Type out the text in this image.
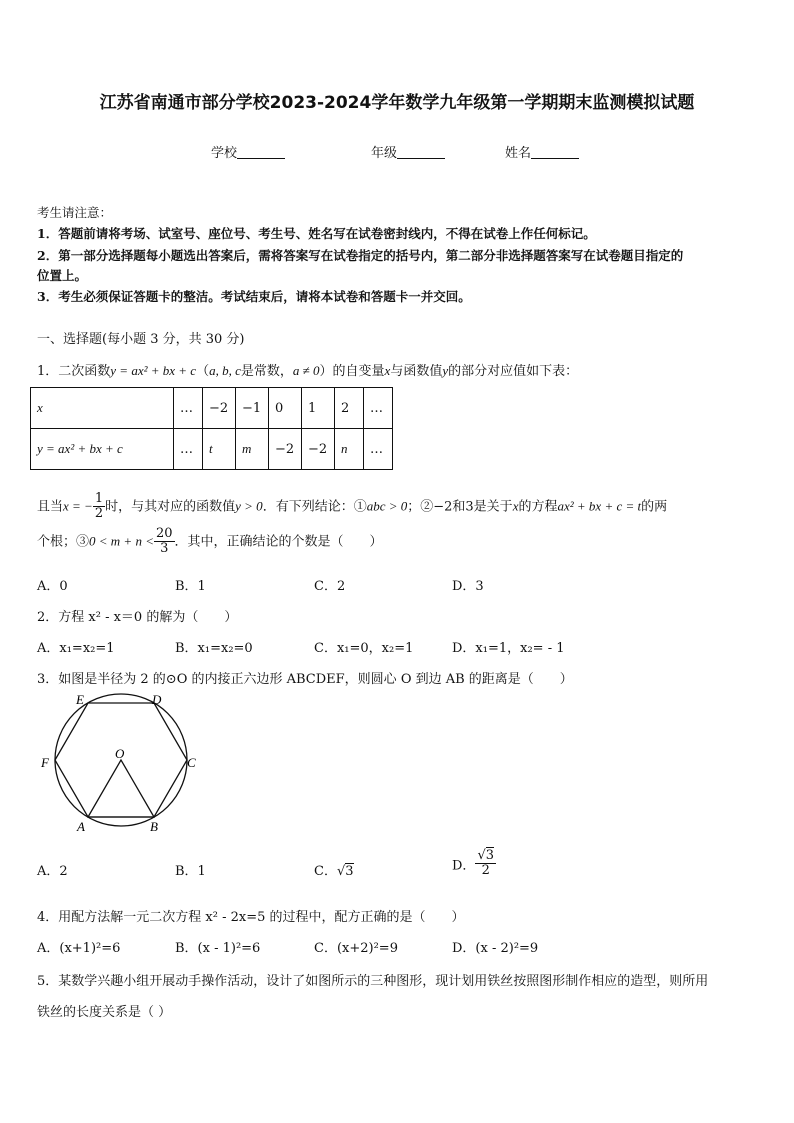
江苏省南通市部分学校2023-2024学年数学九年级第一学期期末监测模拟试题
学校	年级	姓名
考生请注意：
1．答题前请将考场、试室号、座位号、考生号、姓名写在试卷密封线内，不得在试卷上作任何标记。
2．第一部分选择题每小题选出答案后，需将答案写在试卷指定的括号内，第二部分非选择题答案写在试卷题目指定的
位置上。
3．考生必须保证答题卡的整洁。考试结束后，请将本试卷和答题卡一并交回。
一、选择题(每小题 3 分，共 30 分)
1．二次函数y = ax² + bx + c（a, b, c是常数，a ≠ 0）的自变量x与函数值y的部分对应值如下表：
x	…	−2	−1	0	1	2	…
y = ax² + bx + c	…	t	m	−2	−2	n	…
且当x = − $\frac{1}{2}$ 时，与其对应的函数值y > 0．有下列结论：①abc > 0；②−2和3是关于x的方程ax² + bx + c = t的两
个根；③0 < $m + n < \frac{20}{3}$ ．其中，正确结论的个数是（　　）
A．0	B．1	C．2	D．3
2．方程 x² - x＝0 的解为（　　）
A．x₁=x₂=1	B．x₁=x₂=0	C．x₁=0，x₂=1	D．x₁=1，x₂= - 1
3．如图是半径为 2 的⊙O 的内接正六边形 ABCDEF，则圆心 O 到边 AB 的距离是（　　）
E	D
F	C
O
A	B
A．2	B．1	C．√3	D． $\frac{√3}{2}$
4．用配方法解一元二次方程 x² - 2x=5 的过程中，配方正确的是（　　）
A．(x+1)²=6	B．(x - 1)²=6	C．(x+2)²=9	D．(x - 2)²=9
5．某数学兴趣小组开展动手操作活动，设计了如图所示的三种图形，现计划用铁丝按照图形制作相应的造型，则所用
铁丝的长度关系是（ ）
